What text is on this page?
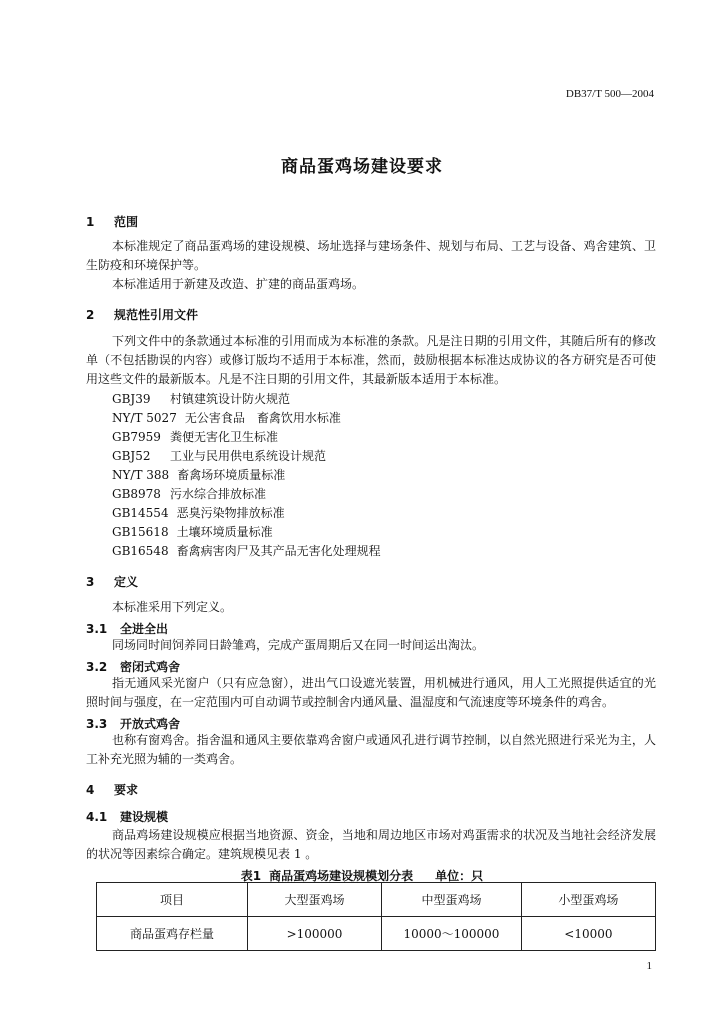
DB37/T 500—2004
商品蛋鸡场建设要求
1 范围
本标准规定了商品蛋鸡场的建设规模、场址选择与建场条件、规划与布局、工艺与设备、鸡舍建筑、卫生防疫和环境保护等。
本标准适用于新建及改造、扩建的商品蛋鸡场。
2 规范性引用文件
下列文件中的条款通过本标准的引用而成为本标准的条款。凡是注日期的引用文件，其随后所有的修改单（不包括勘误的内容）或修订版均不适用于本标准，然而，鼓励根据本标准达成协议的各方研究是否可使用这些文件的最新版本。凡是不注日期的引用文件，其最新版本适用于本标准。
GBJ39 村镇建筑设计防火规范
NY/T 5027 无公害食品　畜禽饮用水标准
GB7959 粪便无害化卫生标准
GBJ52 工业与民用供电系统设计规范
NY/T 388 畜禽场环境质量标准
GB8978 污水综合排放标准
GB14554 恶臭污染物排放标准
GB15618 土壤环境质量标准
GB16548 畜禽病害肉尸及其产品无害化处理规程
3 定义
本标准采用下列定义。
3.1 全进全出
同场同时间饲养同日龄雏鸡，完成产蛋周期后又在同一时间运出淘汰。
3.2 密闭式鸡舍
指无通风采光窗户（只有应急窗），进出气口设遮光装置，用机械进行通风，用人工光照提供适宜的光照时间与强度，在一定范围内可自动调节或控制舍内通风量、温湿度和气流速度等环境条件的鸡舍。
3.3 开放式鸡舍
也称有窗鸡舍。指舍温和通风主要依靠鸡舍窗户或通风孔进行调节控制，以自然光照进行采光为主，人工补充光照为辅的一类鸡舍。
4 要求
4.1 建设规模
商品鸡场建设规模应根据当地资源、资金，当地和周边地区市场对鸡蛋需求的状况及当地社会经济发展的状况等因素综合确定。建筑规模见表 1 。
表1 商品蛋鸡场建设规模划分表 单位：只
项目	大型蛋鸡场	中型蛋鸡场	小型蛋鸡场
商品蛋鸡存栏量	>100000	10000～100000	<10000
1
